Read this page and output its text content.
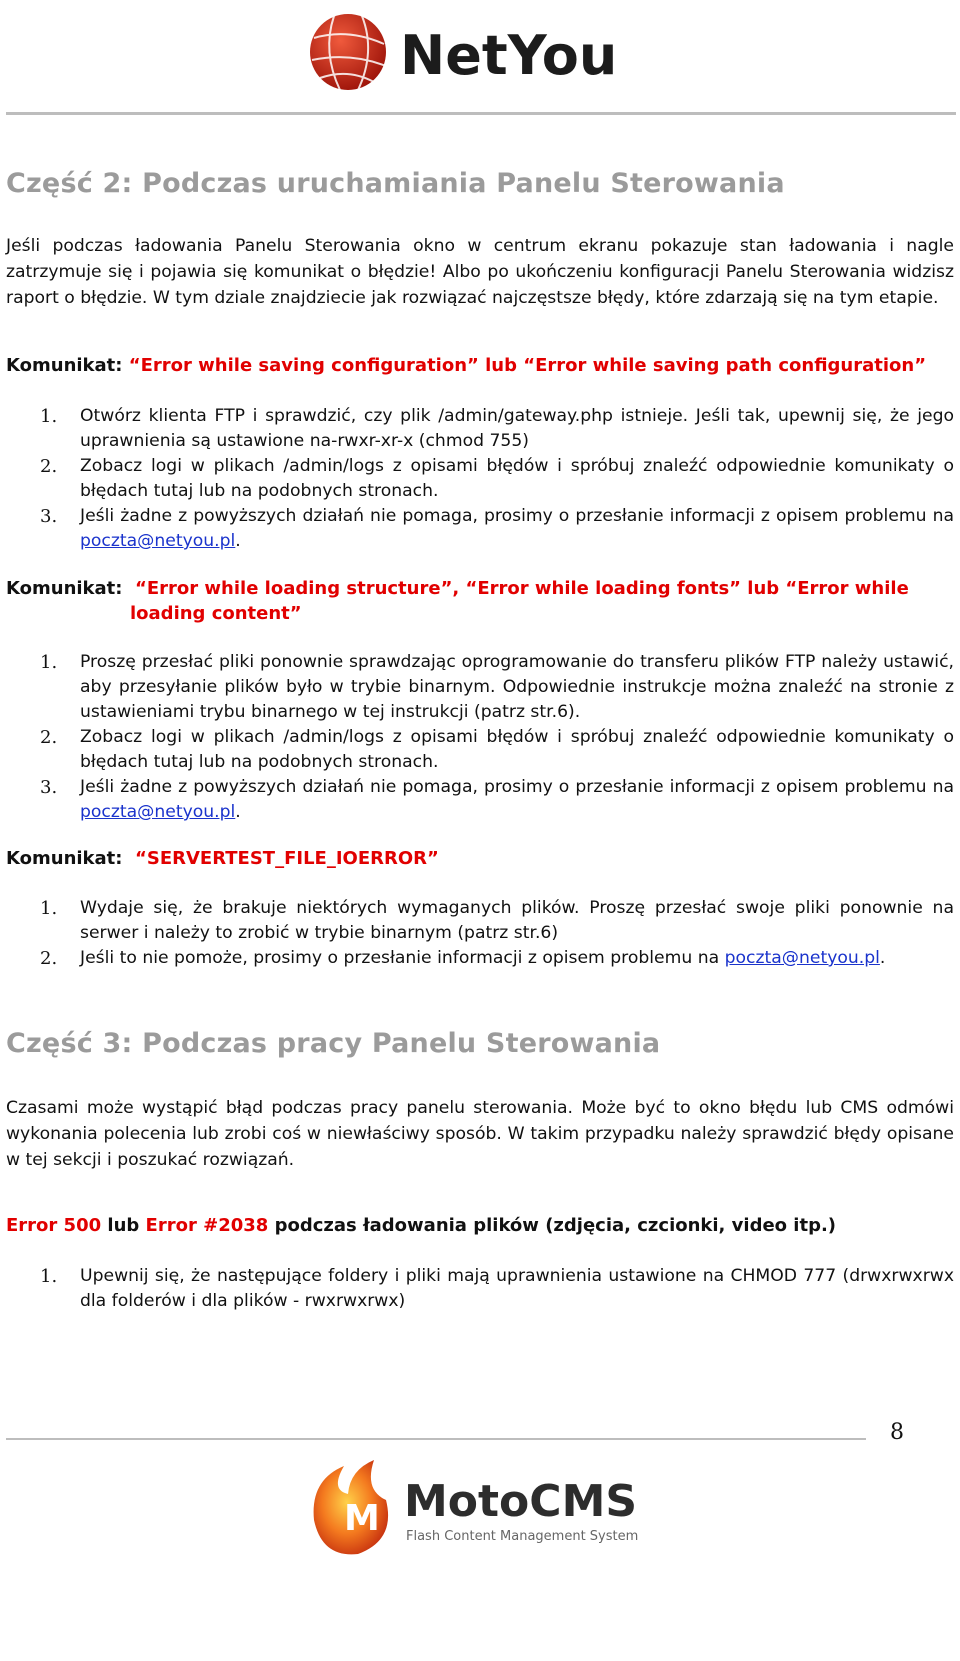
NetYou
Część 2: Podczas uruchamiania Panelu Sterowania
Jeśli podczas ładowania Panelu Sterowania okno w centrum ekranu pokazuje stan ładowania i nagle zatrzymuje się i pojawia się komunikat o błędzie! Albo po ukończeniu konfiguracji Panelu Sterowania widzisz raport o błędzie. W tym dziale znajdziecie jak rozwiązać najczęstsze błędy, które zdarzają się na tym etapie.
Komunikat: “Error while saving configuration” lub “Error while saving path configuration”
1. Otwórz klienta FTP i sprawdzić, czy plik /admin/gateway.php istnieje. Jeśli tak, upewnij się, że jego uprawnienia są ustawione na-rwxr-xr-x (chmod 755)
2. Zobacz logi w plikach /admin/logs z opisami błędów i spróbuj znaleźć odpowiednie komunikaty o błędach tutaj lub na podobnych stronach.
3. Jeśli żadne z powyższych działań nie pomaga, prosimy o przesłanie informacji z opisem problemu na poczta@netyou.pl.
Komunikat: “Error while loading structure”, “Error while loading fonts” lub “Error while
loading content”
1. Proszę przesłać pliki ponownie sprawdzając oprogramowanie do transferu plików FTP należy ustawić, aby przesyłanie plików było w trybie binarnym. Odpowiednie instrukcje można znaleźć na stronie z ustawieniami trybu binarnego w tej instrukcji (patrz str.6).
2. Zobacz logi w plikach /admin/logs z opisami błędów i spróbuj znaleźć odpowiednie komunikaty o błędach tutaj lub na podobnych stronach.
3. Jeśli żadne z powyższych działań nie pomaga, prosimy o przesłanie informacji z opisem problemu na poczta@netyou.pl.
Komunikat: “SERVERTEST_FILE_IOERROR”
1. Wydaje się, że brakuje niektórych wymaganych plików. Proszę przesłać swoje pliki ponownie na serwer i należy to zrobić w trybie binarnym (patrz str.6)
2. Jeśli to nie pomoże, prosimy o przesłanie informacji z opisem problemu na poczta@netyou.pl.
Część 3: Podczas pracy Panelu Sterowania
Czasami może wystąpić błąd podczas pracy panelu sterowania. Może być to okno błędu lub CMS odmówi wykonania polecenia lub zrobi coś w niewłaściwy sposób. W takim przypadku należy sprawdzić błędy opisane w tej sekcji i poszukać rozwiązań.
Error 500 lub Error #2038 podczas ładowania plików (zdjęcia, czcionki, video itp.)
1. Upewnij się, że następujące foldery i pliki mają uprawnienia ustawione na CHMOD 777 (drwxrwxrwx dla folderów i dla plików - rwxrwxrwx)
8
M MotoCMS
Flash Content Management System
